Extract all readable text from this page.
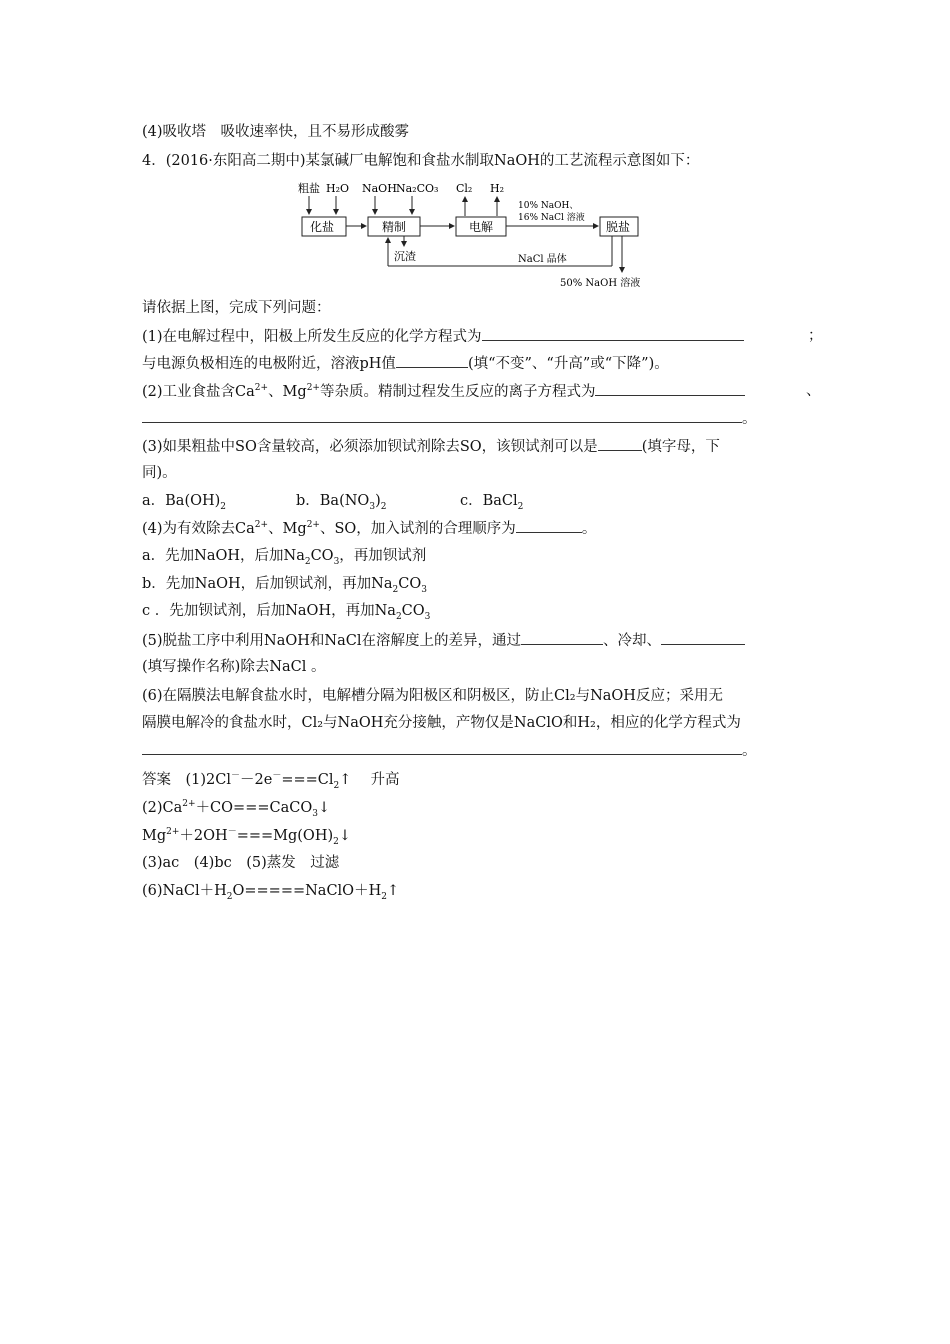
(4)吸收塔　吸收速率快，且不易形成酸雾
4．(2016·东阳高二期中)某氯碱厂电解饱和食盐水制取NaOH的工艺流程示意图如下：
粗盐 H₂O NaOH Na₂CO₃ Cl₂ H₂
化盐	精制	电解	脱盐
10% NaOH、
16% NaCl 溶液
沉渣	NaCl 晶体
50% NaOH 溶液
请依据上图，完成下列问题：
(1)在电解过程中，阳极上所发生反应的化学方程式为	；
与电源负极相连的电极附近，溶液pH值	(填“不变”、“升高”或“下降”)。
(2)工业食盐含$Ca^{2+}$、$Mg^{2+}$等杂质。精制过程发生反应的离子方程式为	、
。
(3)如果粗盐中SO含量较高，必须添加钡试剂除去SO，该钡试剂可以是	(填字母，下
同)。
a．$Ba(OH)_2$	b．$Ba(NO_3)_2$	c．BaCl$_2$
(4)为有效除去$Ca^{2+}$、$Mg^{2+}$、SO，加入试剂的合理顺序为	。
a．先加NaOH，后加$Na_2CO_3$，再加钡试剂
b．先加NaOH，后加钡试剂，再加$Na_2CO_3$
c ．先加钡试剂，后加NaOH，再加$Na_2CO_3$
(5)脱盐工序中利用NaOH和NaCl在溶解度上的差异，通过	、冷却、
(填写操作名称)除去NaCl 。
(6)在隔膜法电解食盐水时，电解槽分隔为阳极区和阴极区，防止Cl₂与NaOH反应；采用无
隔膜电解冷的食盐水时，Cl₂与NaOH充分接触，产物仅是NaClO和H₂，相应的化学方程式为
。
答案　$(1)2Cl^--2e^-===Cl_2↑$　 升高
$(2)Ca^{2+}+CO===CaCO_3↓$
$Mg^{2+}+2OH^-===Mg(OH)_2↓$
(3)ac　(4)bc　(5)蒸发　过滤
$(6)NaCl+H_2O=====NaClO+H_2↑$
